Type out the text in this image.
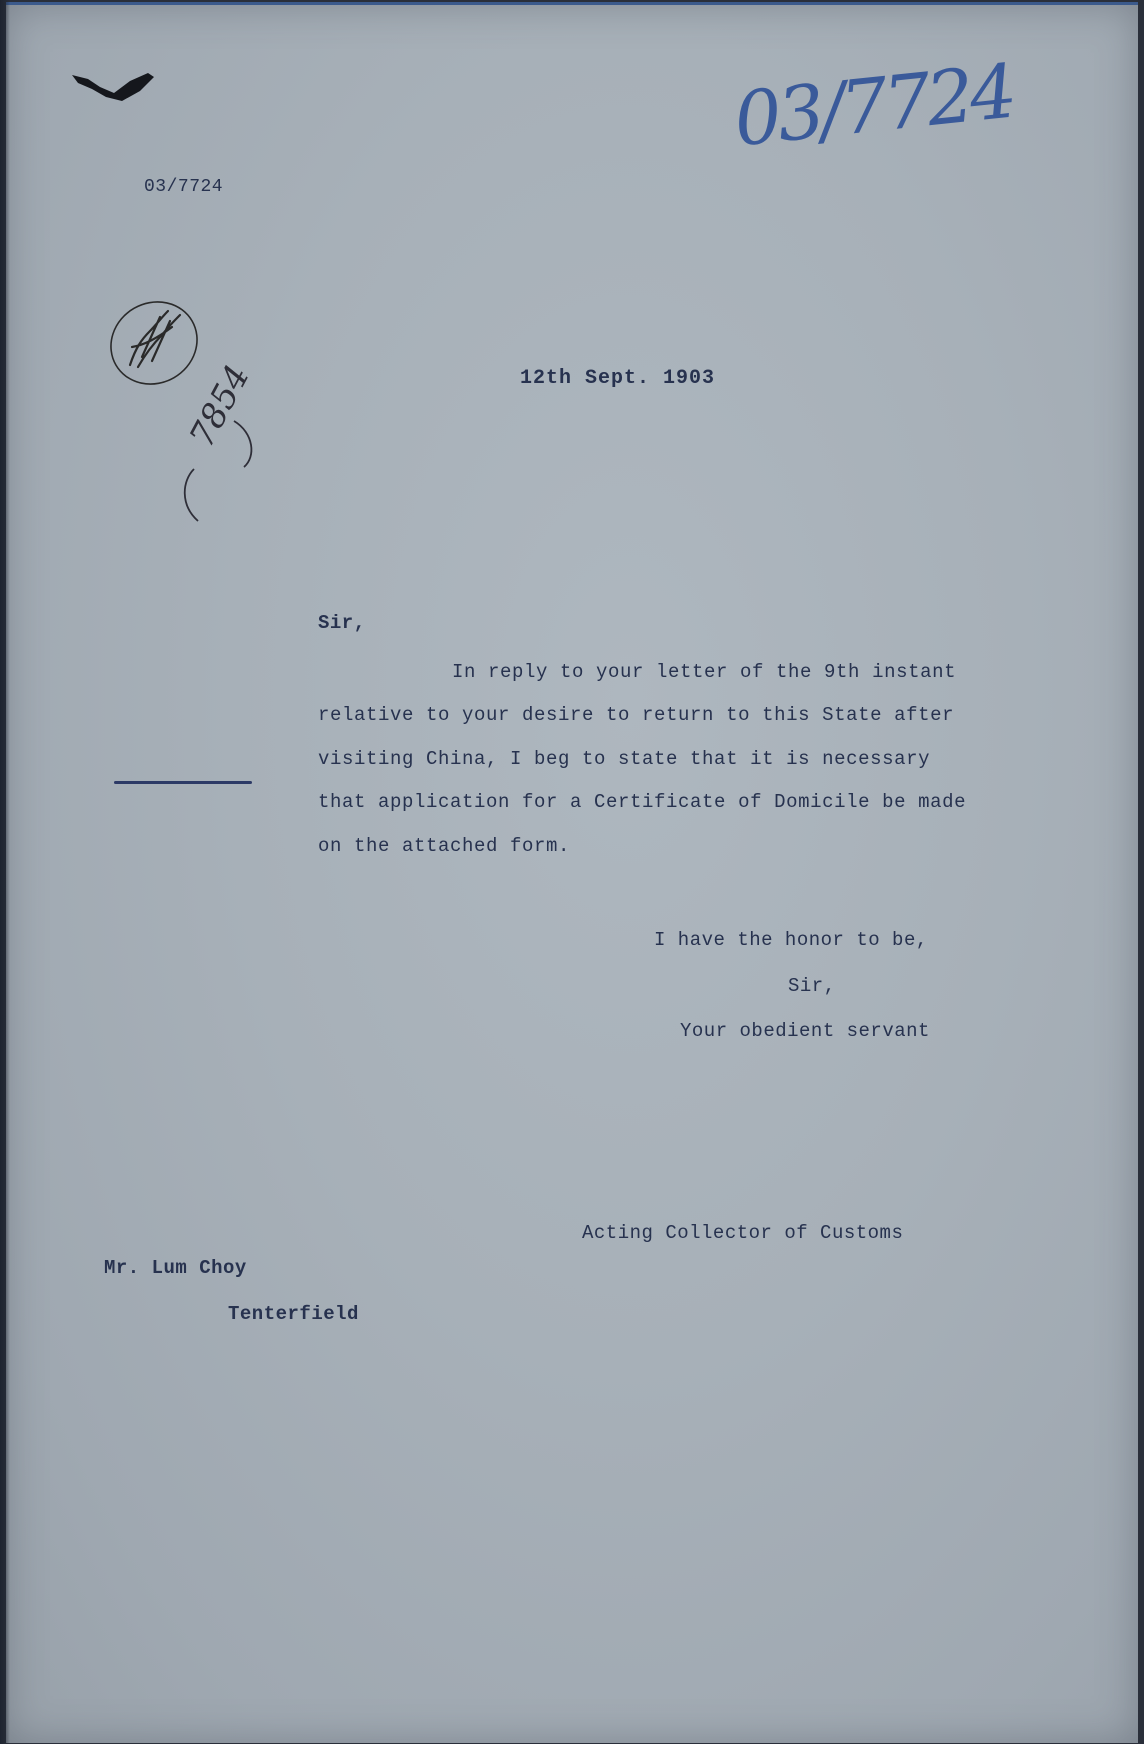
03/7724
03/7724
7854	12th Sept. 1903
Sir,
In reply to your letter of the 9th instant
relative to your desire to return to this State after
visiting China, I beg to state that it is necessary
that application for a Certificate of Domicile be made
on the attached form.
I have the honor to be,
Sir,
Your obedient servant
Acting Collector of Customs
Mr. Lum Choy
Tenterfield
